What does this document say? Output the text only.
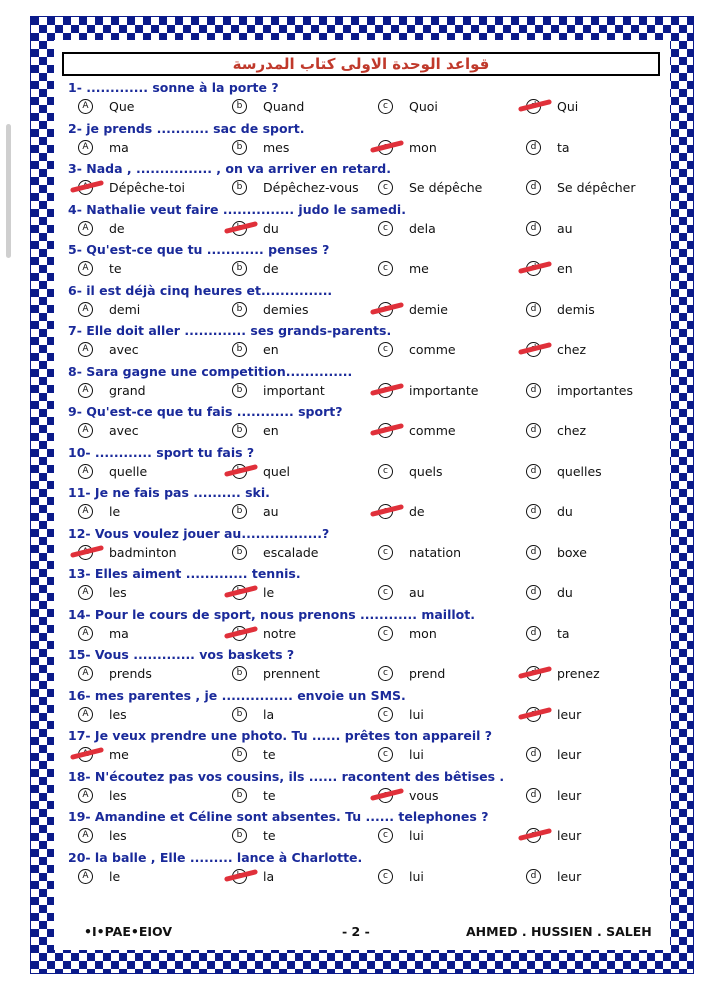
قواعد الوحدة الاولى كتاب المدرسة
1- ............. sonne à la porte ?
A Que	b Quand	c Quoi	Qui
2- je prends ........... sac de sport.
A ma	b mes	mon	d ta
3- Nada , ................ , on va arriver en retard.
Dépêche-toi	b Dépêchez-vous	c Se dépêche	d Se dépêcher
4- Nathalie veut faire ............... judo le samedi.
A de	du	c dela	d au
5- Qu'est-ce que tu ............ penses ?
A te	b de	c me	en
6- il est déjà cinq heures et...............
A demi	b demies	demie	d demis
7- Elle doit aller ............. ses grands-parents.
A avec	b en	c comme	chez
8- Sara gagne une competition..............
A grand	b important	importante	d importantes
9- Qu'est-ce que tu fais ............ sport?
A avec	b en	comme	d chez
10- ............ sport tu fais ?
A quelle	quel	c quels	d quelles
11- Je ne fais pas .......... ski.
A le	b au	de	d du
12- Vous voulez jouer au.................?
badminton	b escalade	c natation	d boxe
13- Elles aiment ............. tennis.
A les	le	c au	d du
14- Pour le cours de sport, nous prenons ............ maillot.
A ma	notre	c mon	d ta
15- Vous ............. vos baskets ?
A prends	b prennent	c prend	prenez
16- mes parentes , je ............... envoie un SMS.
A les	b la	c lui	leur
17- Je veux prendre une photo. Tu ...... prêtes ton appareil ?
me	b te	c lui	d leur
18- N'écoutez pas vos cousins, ils ...... racontent des bêtises .
A les	b te	vous	d leur
19- Amandine et Céline sont absentes. Tu ...... telephones ?
A les	b te	c lui	leur
20- la balle , Elle ......... lance à Charlotte.
A le	la	c lui	d leur
•I•PAE•EIOV	- 2 -	AHMED . HUSSIEN . SALEH
